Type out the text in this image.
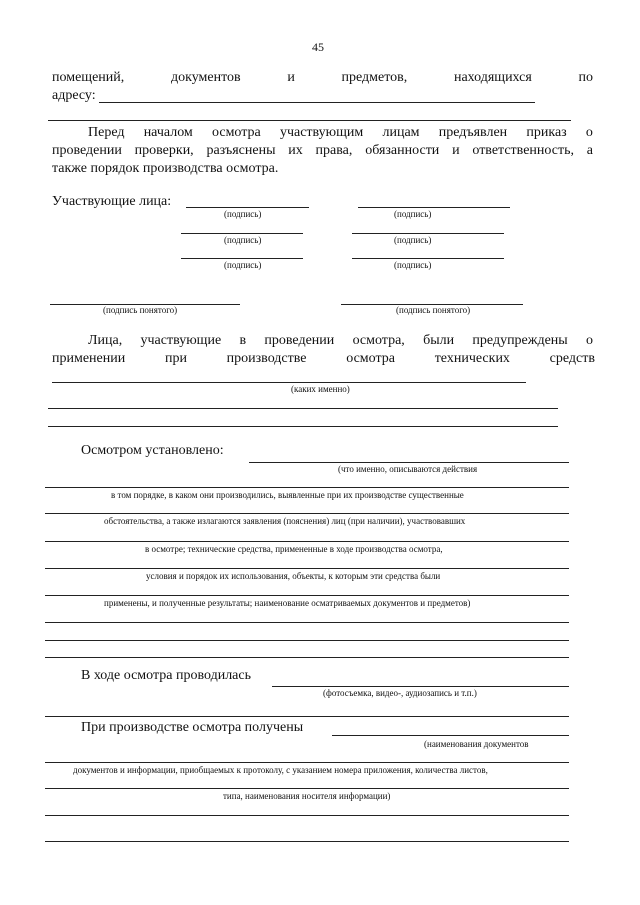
45
помещений,	документов	и	предметов,	находящихся	по
адресу:
Перед началом осмотра участвующим лицам предъявлен приказ о
проведении проверки, разъяснены их права, обязанности и ответственность, а
также порядок производства осмотра.
Участвующие лица:
(подпись)	(подпись)
(подпись)	(подпись)
(подпись)	(подпись)
(подпись понятого)	(подпись понятого)
Лица, участвующие в проведении осмотра, были предупреждены о
применении	при	производстве	осмотра	технических	средств
(каких именно)
Осмотром установлено:
(что именно, описываются действия
в том порядке, в каком они производились, выявленные при их производстве существенные
обстоятельства, а также излагаются заявления (пояснения) лиц (при наличии), участвовавших
в осмотре; технические средства, примененные в ходе производства осмотра,
условия и порядок их использования, объекты, к которым эти средства были
применены, и полученные результаты; наименование осматриваемых документов и предметов)
В ходе осмотра проводилась
(фотосъемка, видео-, аудиозапись и т.п.)
При производстве осмотра получены
(наименования документов
документов и информации, приобщаемых к протоколу, с указанием номера приложения, количества листов,
типа, наименования носителя информации)
